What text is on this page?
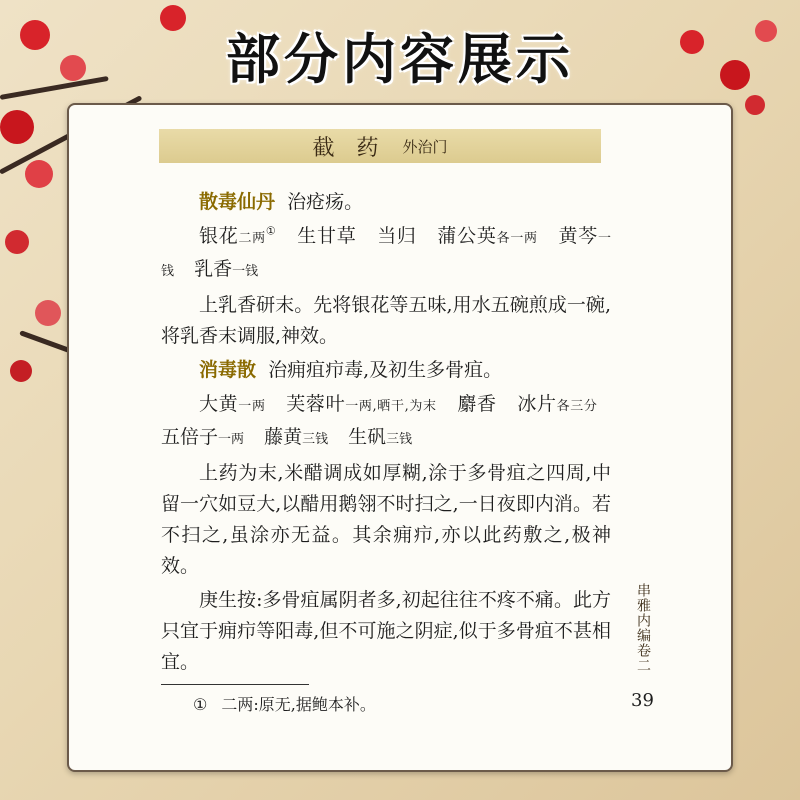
部分内容展示
截药 外治门

散毒仙丹 治疮疡。

银花二两① 生甘草 当归 蒲公英各一两 黄芩一钱 乳香一钱

上乳香研末。先将银花等五味,用水五碗煎成一碗,将乳香末调服,神效。

消毒散 治痈疽疖毒,及初生多骨疽。

大黄一两 芙蓉叶一两,晒干,为末 麝香 冰片各三分 五倍子一两 藤黄三钱 生矾三钱

上药为末,米醋调成如厚糊,涂于多骨疽之四周,中留一穴如豆大,以醋用鹅翎不时扫之,一日夜即内消。若不扫之,虽涂亦无益。其余痈疖,亦以此药敷之,极神效。

庚生按:多骨疽属阴者多,初起往往不疼不痛。此方只宜于痈疖等阳毒,但不可施之阴症,似于多骨疽不甚相宜。	串雅内编卷二
① 二两:原无,据鲍本补。	39
